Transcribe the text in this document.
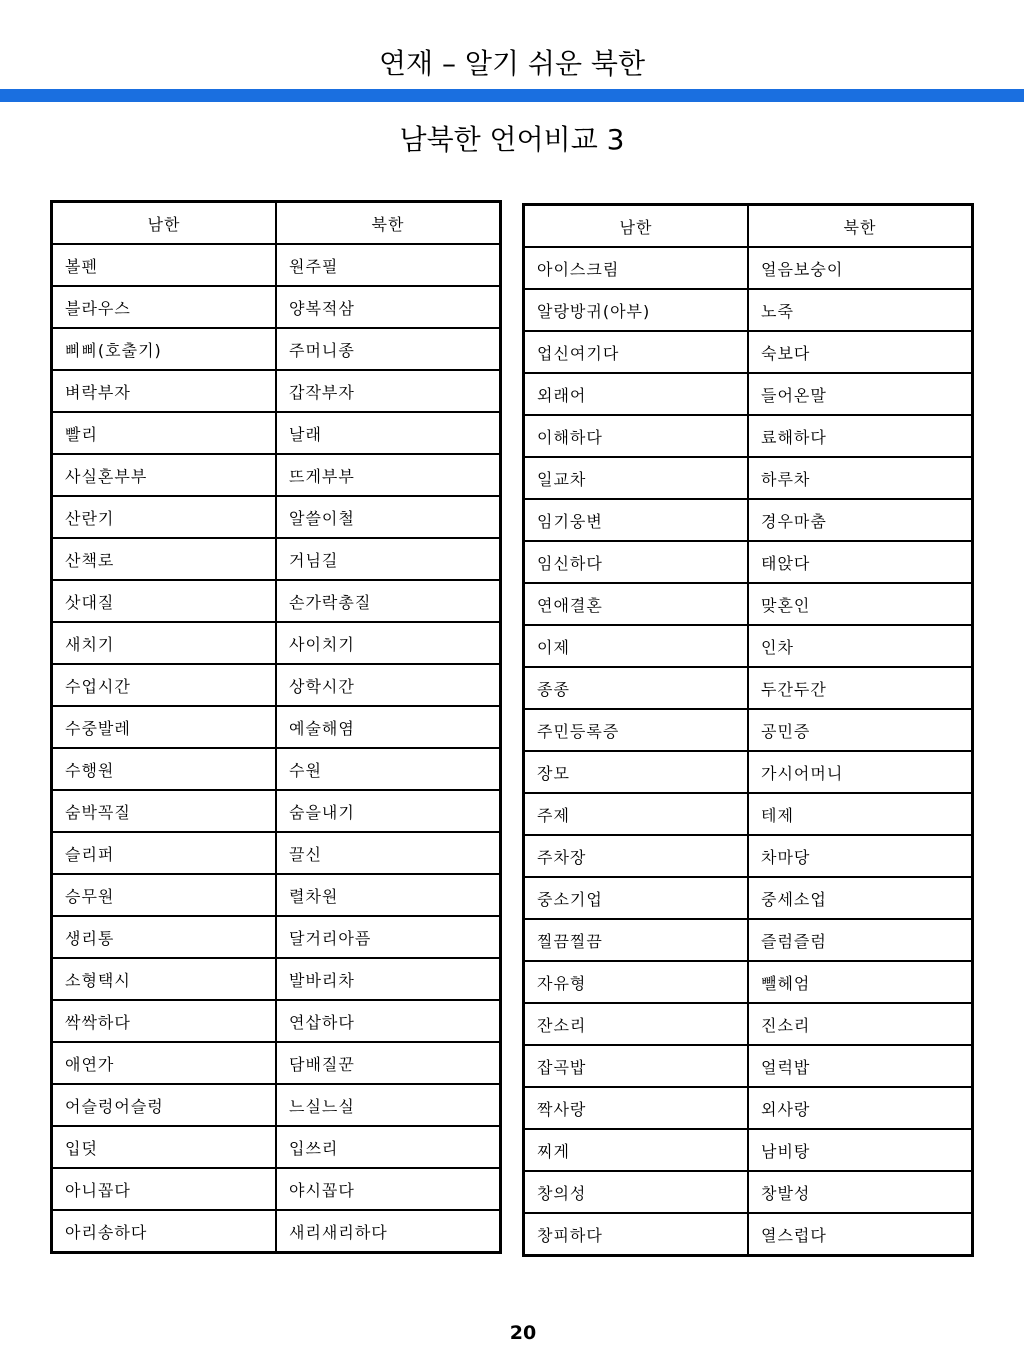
연재 – 알기 쉬운 북한
남북한 언어비교 3
남한	북한
볼펜	원주필
블라우스	양복적삼
삐삐(호출기)	주머니종
벼락부자	갑작부자
빨리	날래
사실혼부부	뜨게부부
산란기	알쓸이철
산책로	거님길
삿대질	손가락총질
새치기	사이치기
수업시간	상학시간
수중발레	예술해염
수행원	수원
숨박꼭질	숨을내기
슬리퍼	끌신
승무원	렬차원
생리통	달거리아픔
소형택시	발바리차
싹싹하다	연삽하다
애연가	담배질꾼
어슬렁어슬렁	느실느실
입덧	입쓰리
아니꼽다	야시꼽다
아리송하다	새리새리하다
남한	북한
아이스크림	얼음보숭이
알랑방귀(아부)	노죽
업신여기다	숙보다
외래어	들어온말
이해하다	료해하다
일교차	하루차
임기웅변	경우마춤
임신하다	태앉다
연애결혼	맞혼인
이제	인차
종종	두간두간
주민등록증	공민증
장모	가시어머니
주제	테제
주차장	차마당
중소기업	중세소업
찔끔찔끔	즐럼즐럼
자유형	뺄헤엄
잔소리	진소리
잡곡밥	얼럭밥
짝사랑	외사랑
찌게	남비탕
창의성	창발성
창피하다	열스럽다
20
